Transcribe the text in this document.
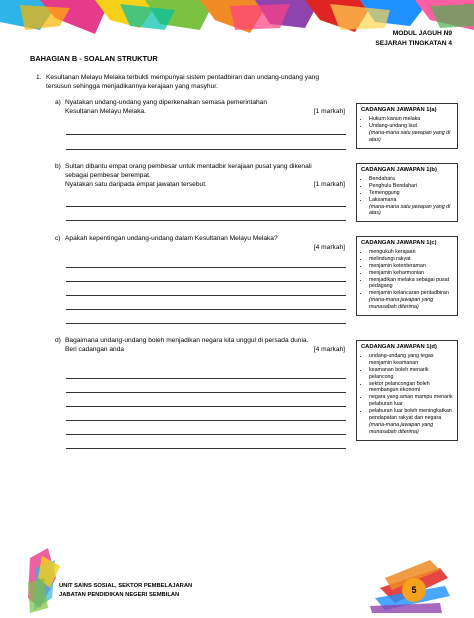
MODUL JAGUH N9
SEJARAH TINGKATAN 4
BAHAGIAN B - SOALAN STRUKTUR
1. Kesultanan Melayu Melaka terbukti mempunyai sistem pentadbiran dan undang-undang yang tersusun sehingga menjadikannya kerajaan yang masyhur.
a) Nyatakan undang-undang yang diperkenalkan semasa pemerintahan Kesultanan Melayu Melaka.	[1 markah]
b) Sultan dibantu empat orang pembesar untuk mentadbir kerajaan pusat yang dikenali sebagai pembesar berempat.
Nyatakan satu daripada empat jawatan tersebut.	[1 markah]
c) Apakah kepentingan undang-undang dalam Kesultanan Melayu Melaka?
[4 markah]
d) Bagaimana undang-undang boleh menjadikan negara kita unggul di persada dunia.
Beri cadangan anda	[4 markah]
CADANGAN JAWAPAN 1(a)
• Hukum kanun melaka
• Undang-undang laut
(mana-mana satu jawapan yang di atas)
CADANGAN JAWAPAN 1(b)
• Bendahara
• Penghulu Bendahari
• Temenggung
• Laksamana
(mana-mana satu jawapan yang di atas)
CADANGAN JAWAPAN 1(c)
• mengukuh kerajaan
• melindungi rakyat
• menjamin ketenteraman
• menjamin keharmonian
• menjadikan melaka sebagai pusat pedagang
• menjamin kelancaran pentadbiran
(mana-mana jawapan yang munasabah diterima)
CADANGAN JAWAPAN 1(d)
• undang-undang yang tegas menjamin keamanan
• keamanan boleh menarik pelancong
• sektor pelancongan boleh membangun ekonomi
• negara yang aman mampu menarik pelaburan luar
• pelaburan luar boleh meningkatkan pendapatan rakyat dan negara
(mana-mana jawapan yang munasabah diterima)
UNIT SAINS SOSIAL, SEKTOR PEMBELAJARAN
JABATAN PENDIDIKAN NEGERI SEMBILAN	5
